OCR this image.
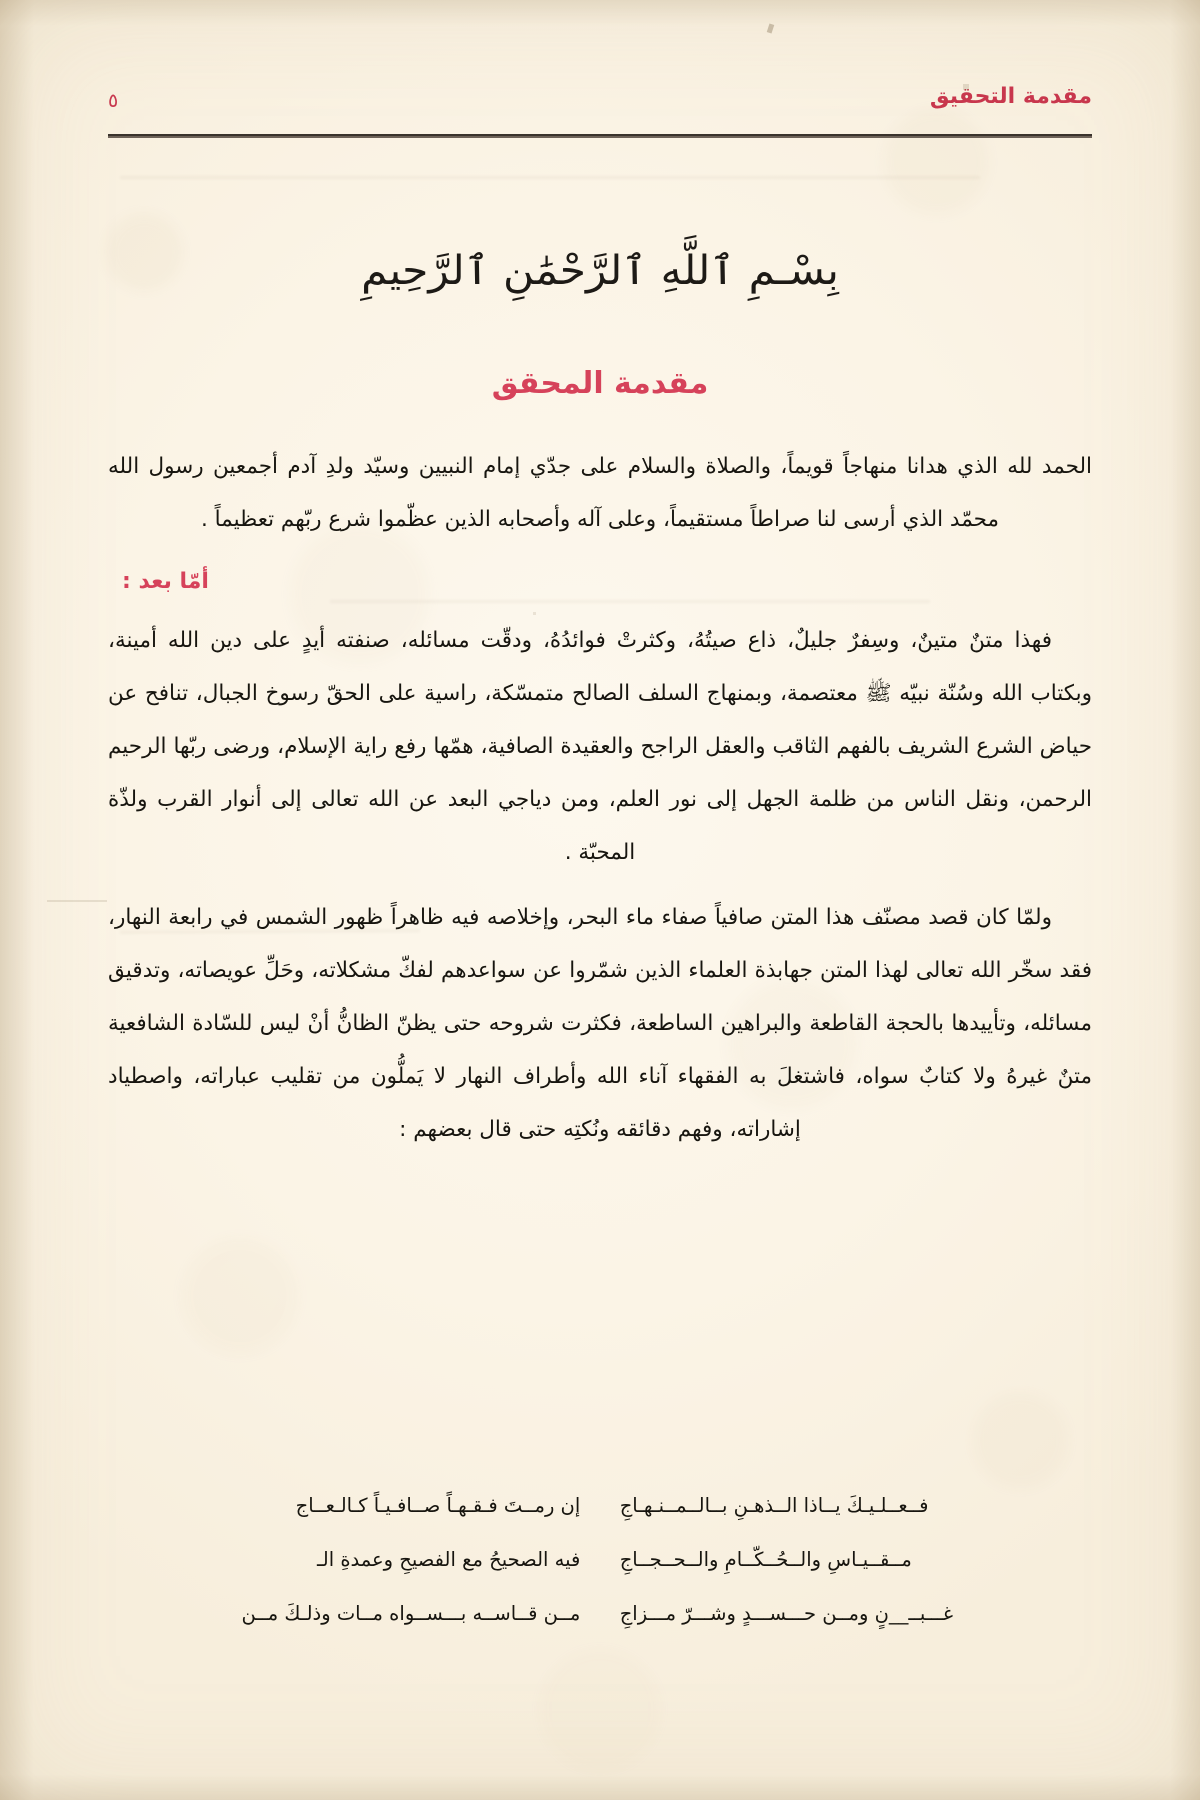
٥	مقدمة التحقيق
بِسْـمِ ٱللَّهِ ٱلرَّحْمَٰنِ ٱلرَّحِيمِ
مقدمة المحقق

الحمد لله الذي هدانا منهاجاً قويماً، والصلاة والسلام على جدّي إمام النبيين وسيّد ولدِ آدم أجمعين رسول الله محمّد الذي أرسى لنا صراطاً مستقيماً، وعلى آله وأصحابه الذين عظّموا شرع ربّهم تعظيماً .

أمّا بعد :

فهذا متنٌ متينٌ، وسِفرٌ جليلٌ، ذاع صيتُهُ، وكثرتْ فوائدُهُ، ودقّت مسائله، صنفته أيدٍ على دين الله أمينة، وبكتاب الله وسُنّة نبيّه ﷺ معتصمة، وبمنهاج السلف الصالح متمسّكة، راسية على الحقّ رسوخ الجبال، تنافح عن حياض الشرع الشريف بالفهم الثاقب والعقل الراجح والعقيدة الصافية، همّها رفع راية الإسلام، ورضى ربّها الرحيم الرحمن، ونقل الناس من ظلمة الجهل إلى نور العلم، ومن دياجي البعد عن الله تعالى إلى أنوار القرب ولذّة المحبّة .

ولمّا كان قصد مصنّف هذا المتن صافياً صفاء ماء البحر، وإخلاصه فيه ظاهراً ظهور الشمس في رابعة النهار، فقد سخّر الله تعالى لهذا المتن جهابذة العلماء الذين شمّروا عن سواعدهم لفكّ مشكلاته، وحَلِّ عويصاته، وتدقيق مسائله، وتأييدها بالحجة القاطعة والبراهين الساطعة، فكثرت شروحه حتى يظنّ الظانُّ أنْ ليس للسّادة الشافعية متنٌ غيرهُ ولا كتابٌ سواه، فاشتغلَ به الفقهاء آناء الله وأطراف النهار لا يَملُّون من تقليب عباراته، واصطياد إشاراته، وفهم دقائقه ونُكتِه حتى قال بعضهم :

فــعــلـيـكَ يــاذا الــذهـنِ بــالــمــنـهـاجِ
إن رمــتَ فـقـهـاً صــافـيـاً كـالـعــاج
مــقــيـاسِ والــحُــكّــامِ والــحــجــاجِ
فيه الصحيحُ مع الفصيحِ وعمدةِ الـ
غـــبــ__نٍ ومــن حـــســـدٍ وشـــرّ مـــزاجِ
مــن قــاســه بـــســواه مــات وذلـكَ مــن
